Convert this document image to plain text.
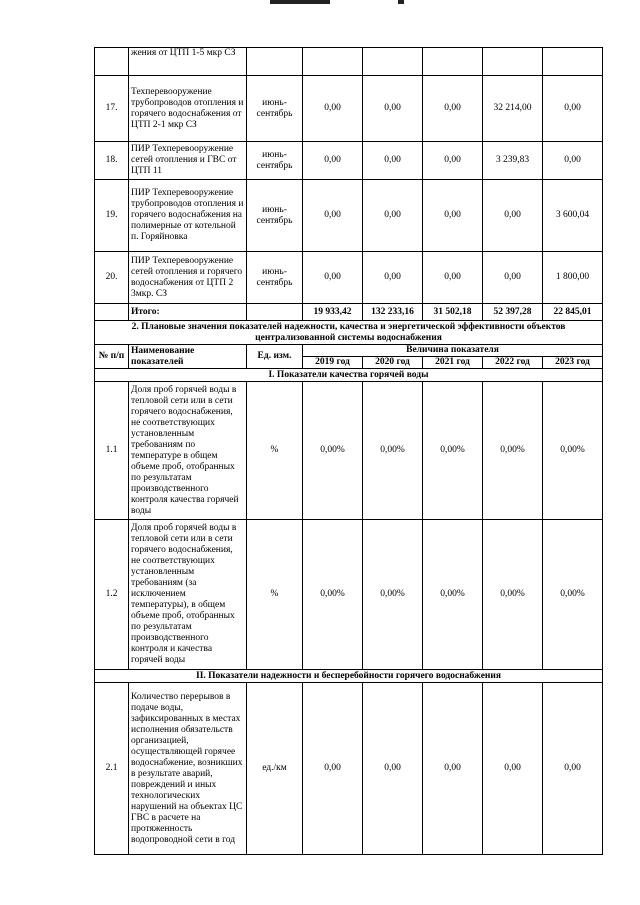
	жения от ЦТП 1-5 мкр СЗ						
17.	Техперевооружение трубопроводов отопления и горячего водоснабжения от ЦТП 2-1 мкр СЗ	июнь-сентябрь	0,00	0,00	0,00	32 214,00	0,00
18.	ПИР Техперевооружение сетей отопления и ГВС от ЦТП 11	июнь-сентябрь	0,00	0,00	0,00	3 239,83	0,00
19.	ПИР Техперевооружение трубопроводов отопления и горячего водоснабжения на полимерные от котельной п. Горяйновка	июнь-сентябрь	0,00	0,00	0,00	0,00	3 600,04
20.	ПИР Техперевооружение сетей отопления и горячего водоснабжения от ЦТП 2 3мкр. СЗ	июнь-сентябрь	0,00	0,00	0,00	0,00	1 800,00
	Итого:		19 933,42	132 233,16	31 502,18	52 397,28	22 845,01
2. Плановые значения показателей надежности, качества и энергетической эффективности объектов централизованной системы водоснабжения							
№ п/п	Наименование показателей	Ед. изм.	Величина показателя				
			2019 год	2020 год	2021 год	2022 год	2023 год
I. Показатели качества горячей воды							
1.1	Доля проб горячей воды в тепловой сети или в сети горячего водоснабжения, не соответствующих установленным требованиям по температуре в общем объеме проб, отобранных по результатам производственного контроля качества горячей воды	%	0,00%	0,00%	0,00%	0,00%	0,00%
1.2	Доля проб горячей воды в тепловой сети или в сети горячего водоснабжения, не соответствующих установленным требованиям (за исключением температуры), в общем объеме проб, отобранных по результатам производственного контроля и качества горячей воды	%	0,00%	0,00%	0,00%	0,00%	0,00%
II. Показатели надежности и бесперебойности горячего водоснабжения							
2.1	Количество перерывов в подаче воды, зафиксированных в местах исполнения обязательств организацией, осуществляющей горячее водоснабжение, возникших в результате аварий, повреждений и иных технологических нарушений на объектах ЦС ГВС в расчете на протяженность водопроводной сети в год	ед./км	0,00	0,00	0,00	0,00	0,00
